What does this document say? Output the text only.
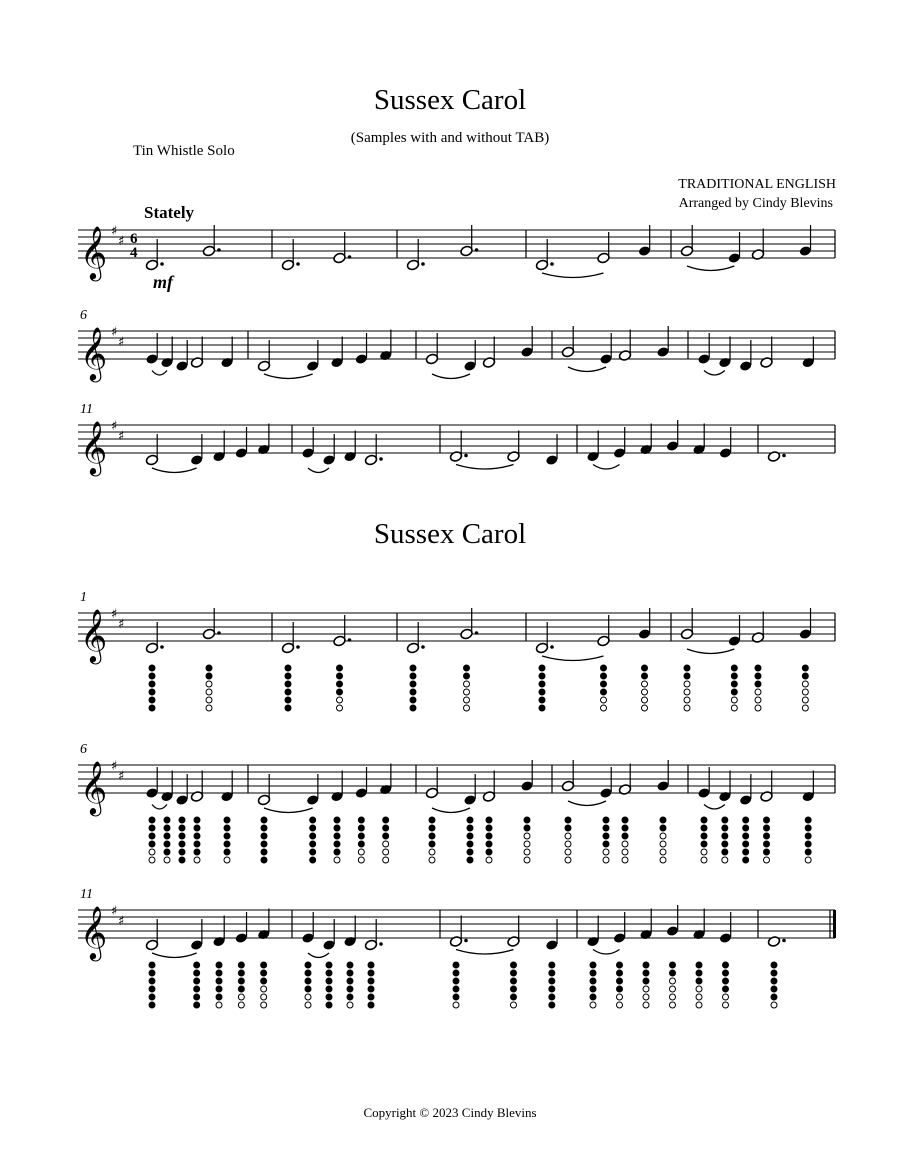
Sussex Carol

(Samples with and without TAB)

Tin Whistle Solo

TRADITIONAL ENGLISH

Arranged by Cindy Blevins

Stately

Sussex Carol

Copyright © 2023 Cindy Blevins

𝄞 ♯
♯ 6
4
mf
𝄞 ♯
♯
6
𝄞 ♯
♯
11
𝄞 ♯
♯
1
𝄞 ♯
♯
6
𝄞 ♯
♯
11
